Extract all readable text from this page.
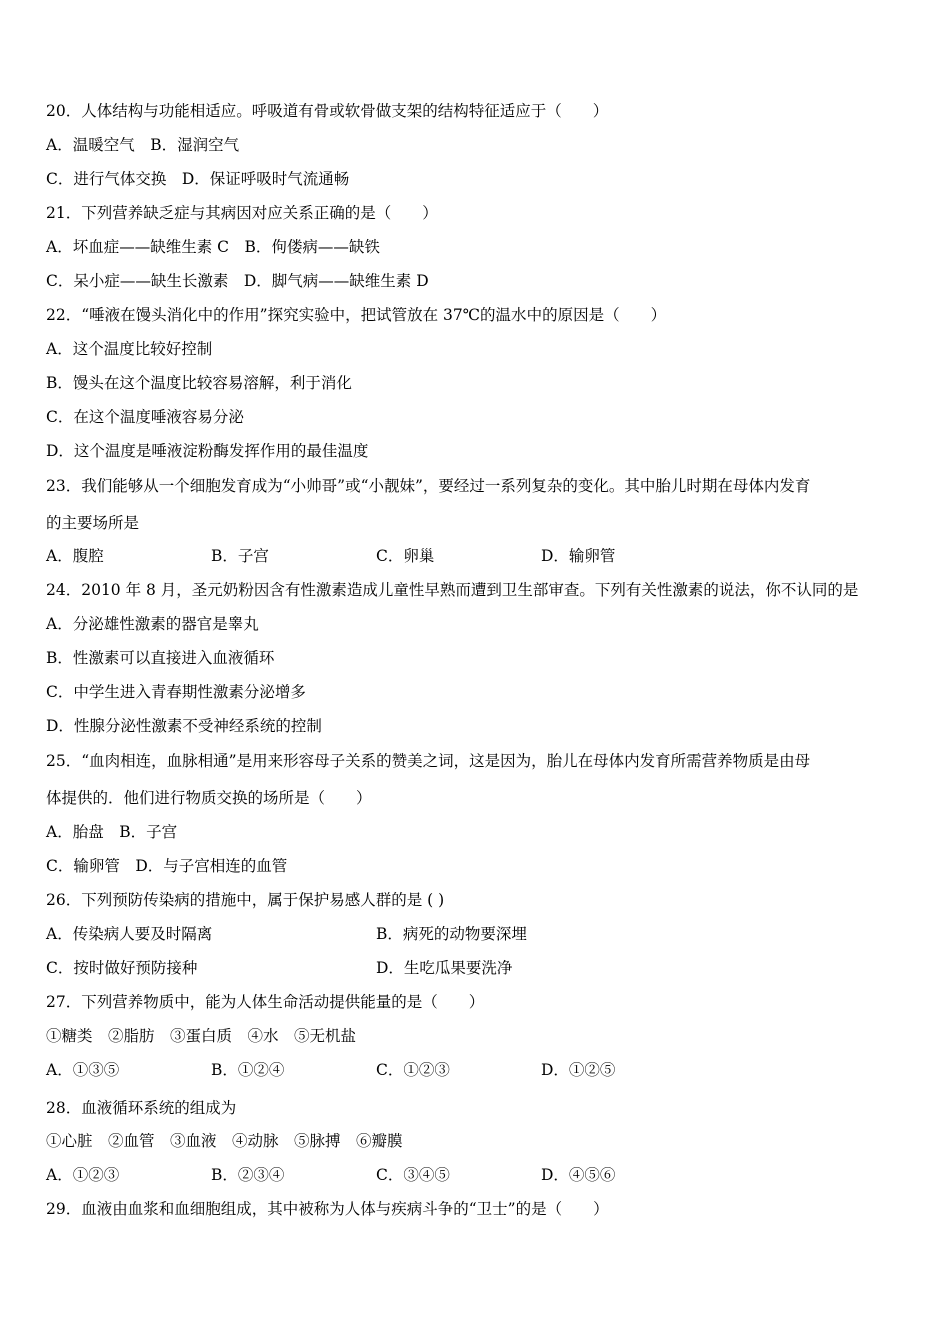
20．人体结构与功能相适应。呼吸道有骨或软骨做支架的结构特征适应于（　　）
A．温暖空气　B．湿润空气
C．进行气体交换　D．保证呼吸时气流通畅
21．下列营养缺乏症与其病因对应关系正确的是（　　）
A．坏血症——缺维生素 C　B．佝偻病——缺铁
C．呆小症——缺生长激素　D．脚气病——缺维生素 D
22．“唾液在馒头消化中的作用”探究实验中，把试管放在 37℃的温水中的原因是（　　）
A．这个温度比较好控制
B．馒头在这个温度比较容易溶解，利于消化
C．在这个温度唾液容易分泌
D．这个温度是唾液淀粉酶发挥作用的最佳温度
23．我们能够从一个细胞发育成为“小帅哥”或“小靓妹”，要经过一系列复杂的变化。其中胎儿时期在母体内发育
的主要场所是
A．腹腔	B．子宫	C．卵巢	D．输卵管
24．2010 年 8 月，圣元奶粉因含有性激素造成儿童性早熟而遭到卫生部审查。下列有关性激素的说法，你不认同的是
A．分泌雄性激素的器官是睾丸
B．性激素可以直接进入血液循环
C．中学生进入青春期性激素分泌增多
D．性腺分泌性激素不受神经系统的控制
25．“血肉相连，血脉相通”是用来形容母子关系的赞美之词，这是因为，胎儿在母体内发育所需营养物质是由母
体提供的．他们进行物质交换的场所是（　　）
A．胎盘　B．子宫
C．输卵管　D．与子宫相连的血管
26．下列预防传染病的措施中，属于保护易感人群的是 ( )
A．传染病人要及时隔离	B．病死的动物要深埋
C．按时做好预防接种	D．生吃瓜果要洗净
27．下列营养物质中，能为人体生命活动提供能量的是（　　）
①糖类　②脂肪　③蛋白质　④水　⑤无机盐
A．①③⑤	B．①②④	C．①②③	D．①②⑤
28．血液循环系统的组成为
①心脏　②血管　③血液　④动脉　⑤脉搏　⑥瓣膜
A．①②③	B．②③④	C．③④⑤	D．④⑤⑥
29．血液由血浆和血细胞组成，其中被称为人体与疾病斗争的“卫士”的是（　　）
